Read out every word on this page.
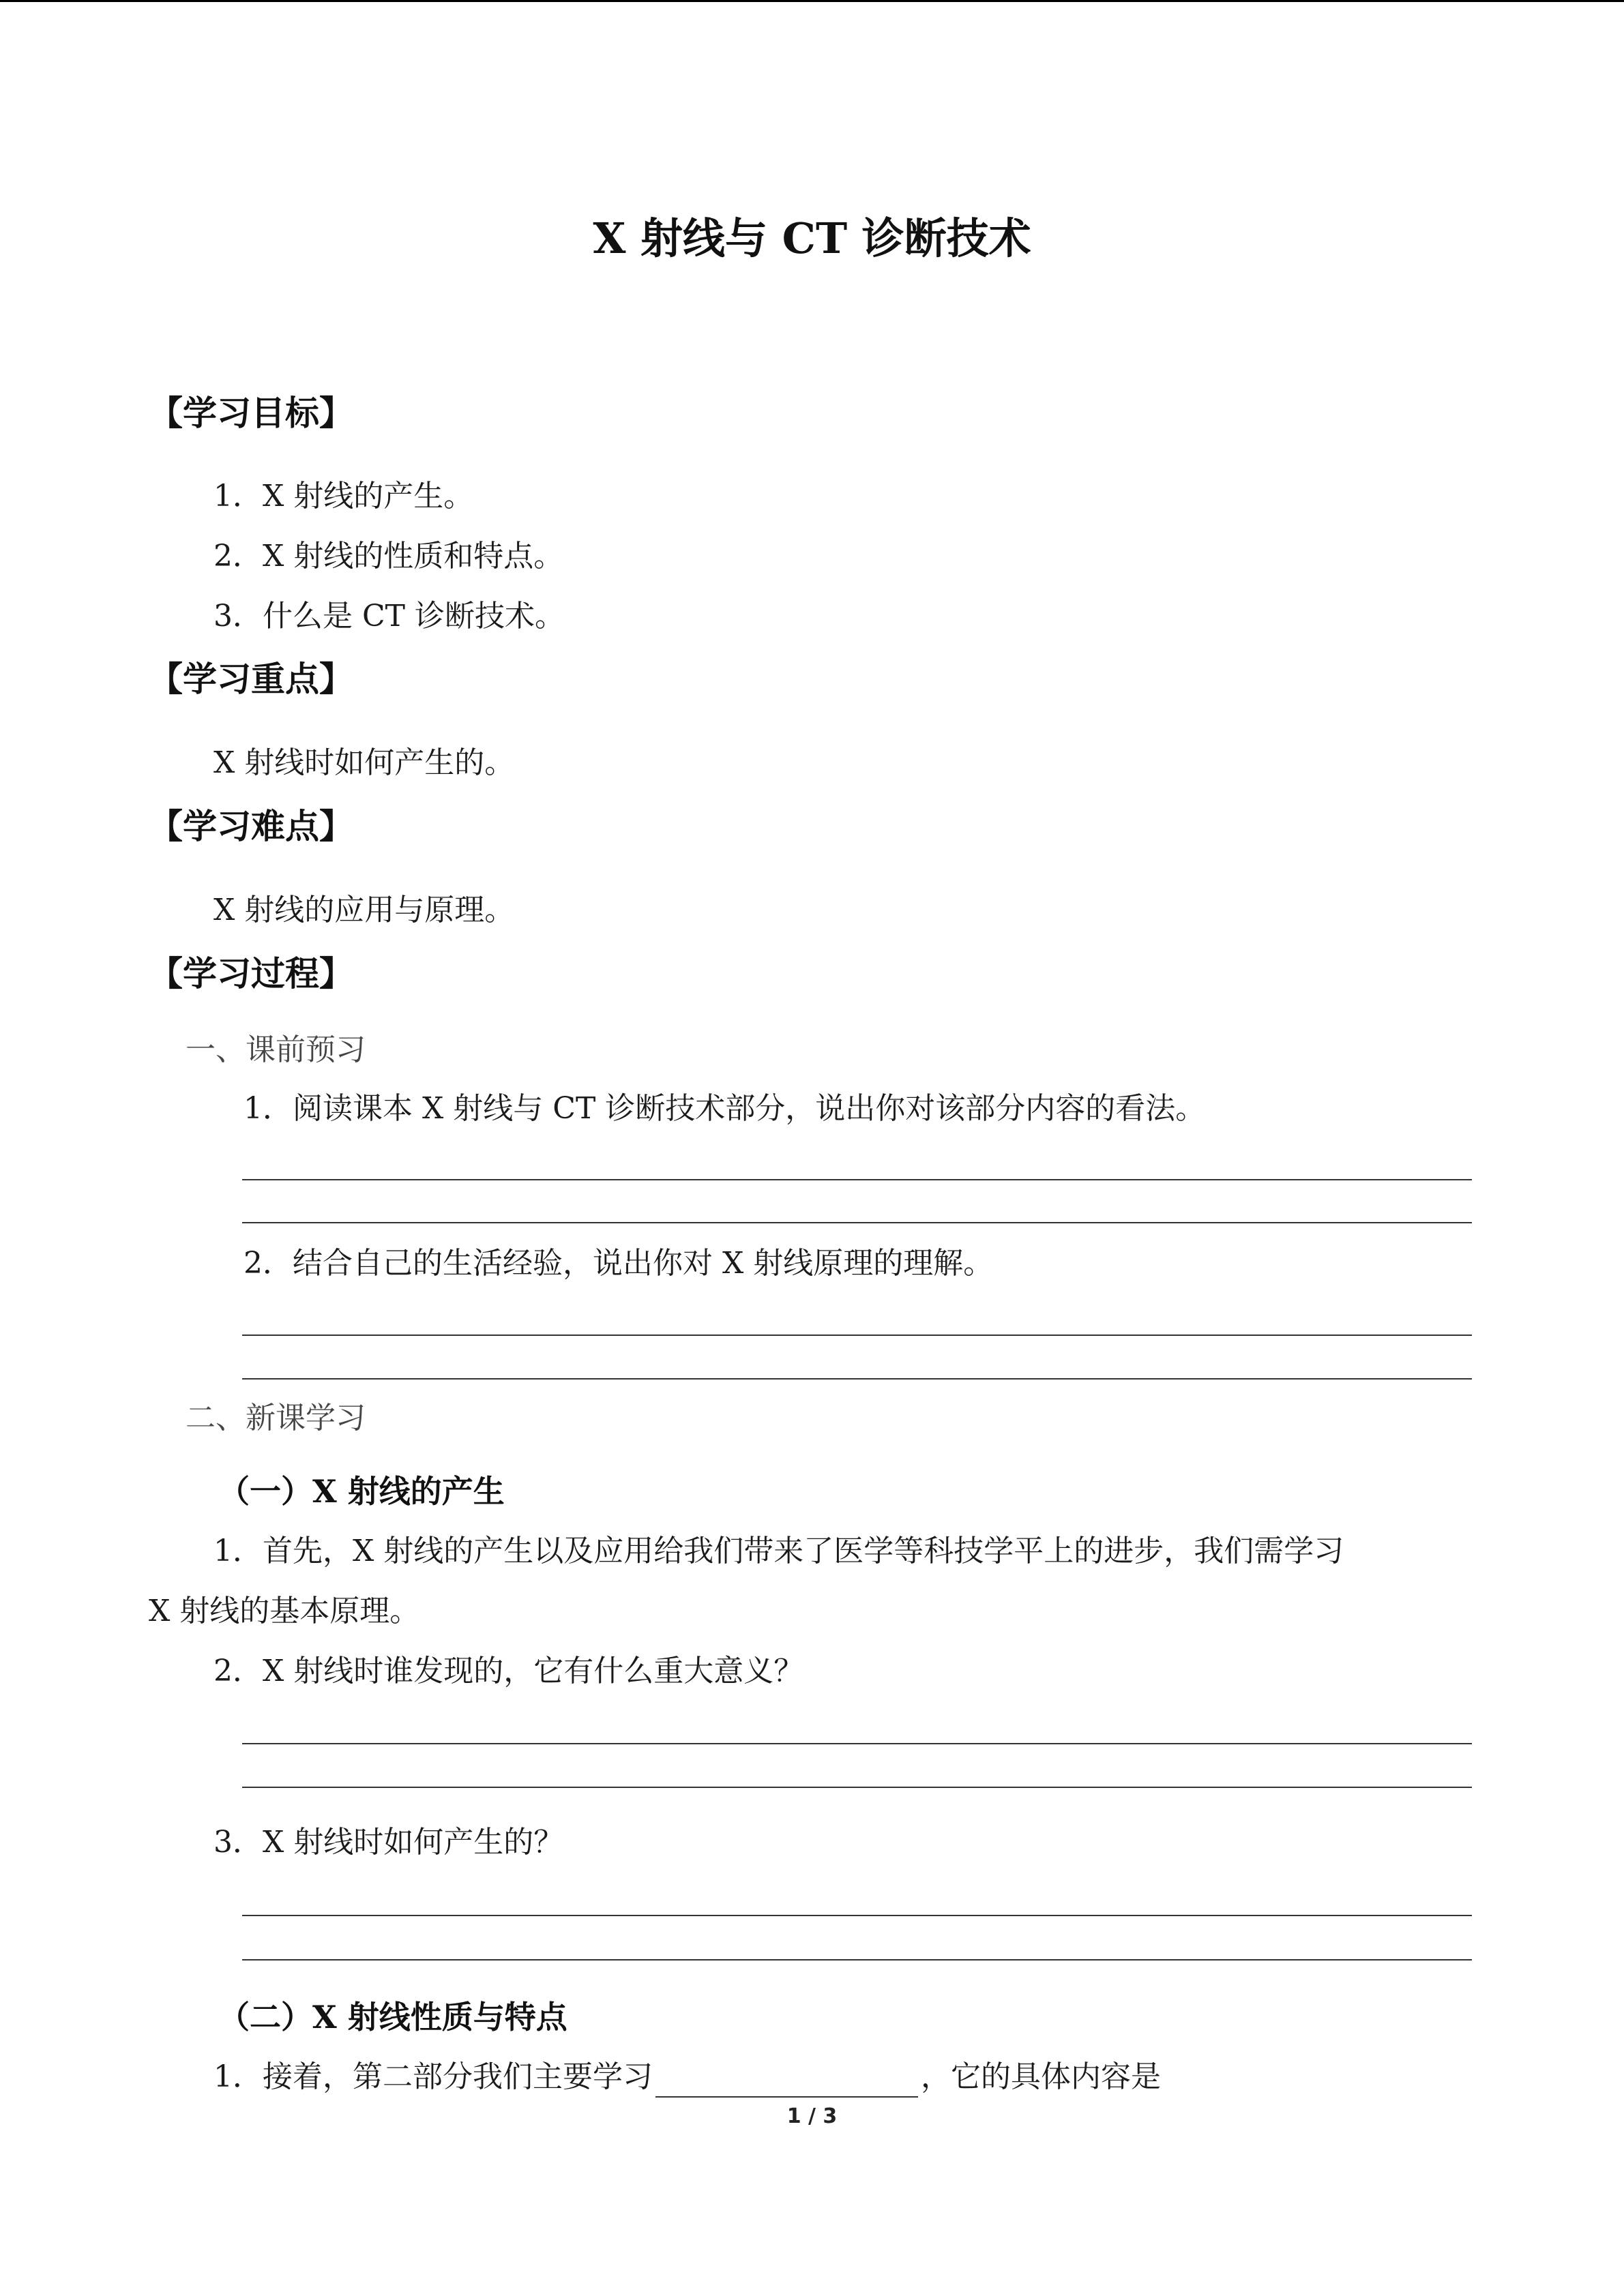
X 射线与 CT 诊断技术
【学习目标】
1．X 射线的产生。
2．X 射线的性质和特点。
3．什么是 CT 诊断技术。
【学习重点】
X 射线时如何产生的。
【学习难点】
X 射线的应用与原理。
【学习过程】
一、课前预习
1．阅读课本 X 射线与 CT 诊断技术部分，说出你对该部分内容的看法。
2．结合自己的生活经验，说出你对 X 射线原理的理解。
二、新课学习
（一）X 射线的产生
1．首先，X 射线的产生以及应用给我们带来了医学等科技学平上的进步，我们需学习
X 射线的基本原理。
2．X 射线时谁发现的，它有什么重大意义？
3．X 射线时如何产生的？
（二）X 射线性质与特点
1．接着，第二部分我们主要学习	，它的具体内容是
1 / 3
